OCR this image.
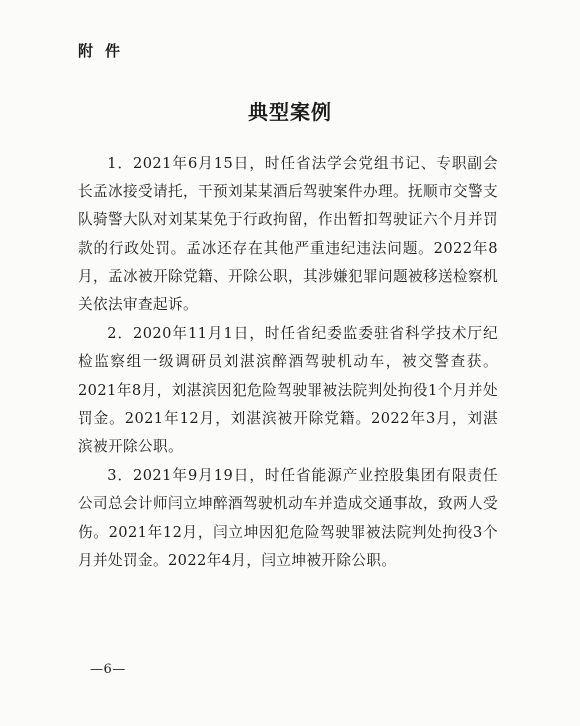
附件
典型案例

1．2021年6月15日，时任省法学会党组书记、专职副会长孟冰接受请托，干预刘某某酒后驾驶案件办理。抚顺市交警支队骑警大队对刘某某免于行政拘留，作出暂扣驾驶证六个月并罚款的行政处罚。孟冰还存在其他严重违纪违法问题。2022年8月，孟冰被开除党籍、开除公职，其涉嫌犯罪问题被移送检察机关依法审查起诉。

2．2020年11月1日，时任省纪委监委驻省科学技术厅纪检监察组一级调研员刘湛滨醉酒驾驶机动车，被交警查获。2021年8月，刘湛滨因犯危险驾驶罪被法院判处拘役1个月并处罚金。2021年12月，刘湛滨被开除党籍。2022年3月，刘湛滨被开除公职。

3．2021年9月19日，时任省能源产业控股集团有限责任公司总会计师闫立坤醉酒驾驶机动车并造成交通事故，致两人受伤。2021年12月，闫立坤因犯危险驾驶罪被法院判处拘役3个月并处罚金。2022年4月，闫立坤被开除公职。

—6—
